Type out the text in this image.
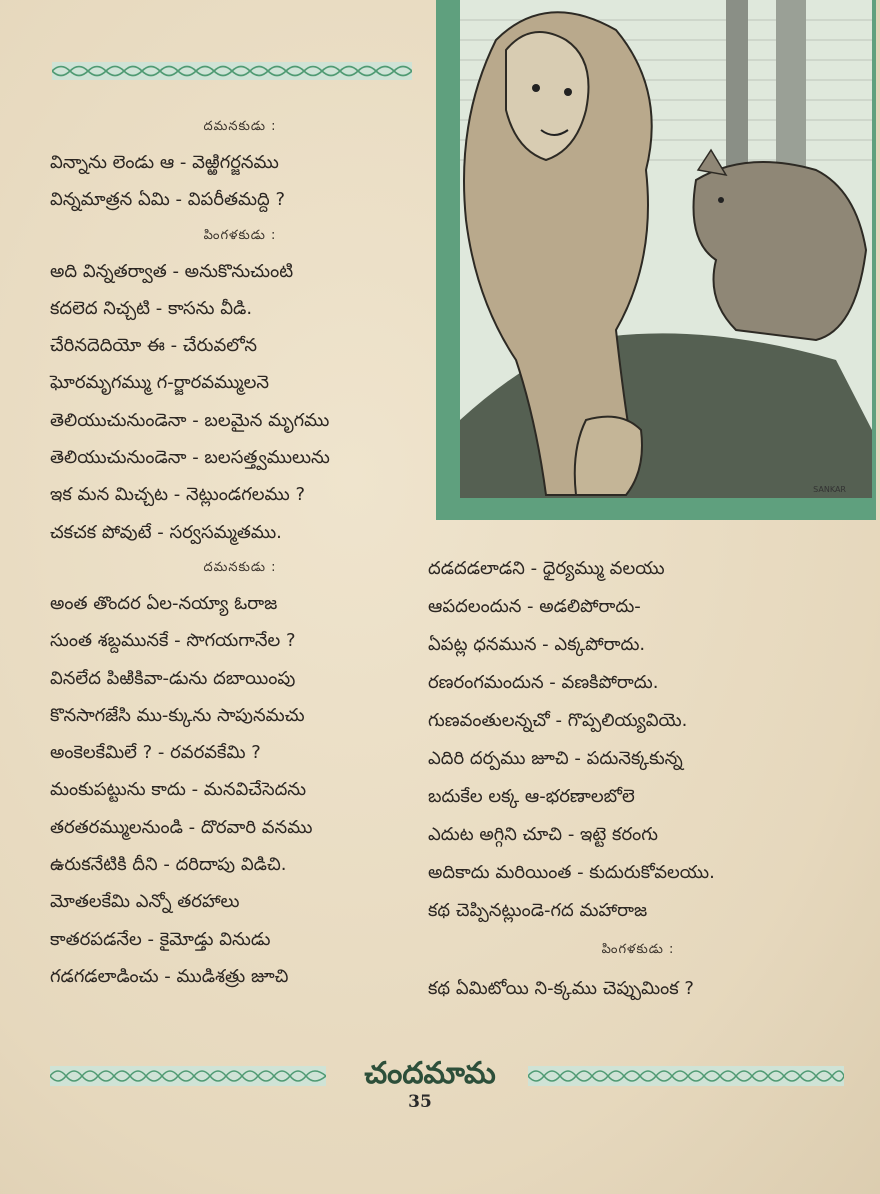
దమనకుడు :
విన్నాను లెండు ఆ - వెఱ్ఱిగర్జనము
విన్నమాత్రన ఏమి - విపరీతమద్ది ?
పింగళకుడు :
అది విన్నతర్వాత - అనుకొనుచుంటి
కదలెద నిచ్చటి - కాసను వీడి.
చేరినదెదియో ఈ - చేరువలోన
ఘోరమృగమ్ము గ-ర్జారవమ్ములనె
తెలియుచునుండెనా - బలమైన మృగము
తెలియుచునుండెనా - బలసత్త్వములును
ఇక మన మిచ్చట - నెట్లుండగలము ?
చకచక పోవుటే - సర్వసమ్మతము.
దమనకుడు :
అంత తొందర ఏల-నయ్యా ఓరాజ
సుంత శబ్దమునకే - సొగయగానేల ?
వినలేద పిఱికివా-డును దబాయింపు
కొనసాగజేసి ము-క్కును సాపునమచు
అంకెలకేమిలే ? - రవరవకేమి ?
మంకుపట్టును కాదు - మనవిచేసెదను
తరతరమ్ములనుండి - దొరవారి వనము
ఉరుకనేటికి దీని - దరిదాపు విడిచి.
మోతలకేమి ఎన్నో తరహాలు
కాతరపడనేల - కైమోడ్తు వినుడు
గడగడలాడించు - ముడిశత్రు జూచి
SANKAR
దడదడలాడని - ధైర్యమ్ము వలయు
ఆపదలందున - అడలిపోరాదు-
ఏపట్ల ధనమున - ఎక్కపోరాదు.
రణరంగమందున - వణకిపోరాదు.
గుణవంతులన్నచో - గొప్పలియ్యవియె.
ఎదిరి దర్పము జూచి - పదునెక్కకున్న
బదుకేల లక్క ఆ-భరణాలబోలె
ఎదుట అగ్గిని చూచి - ఇట్టె కరంగు
అదికాదు మరియింత - కుదురుకోవలయు.
కథ చెప్పినట్లుండె-గద మహారాజ
పింగళకుడు :
కథ ఏమిటోయి ని-క్కము చెప్పుమింక ?
చందమామ
35
